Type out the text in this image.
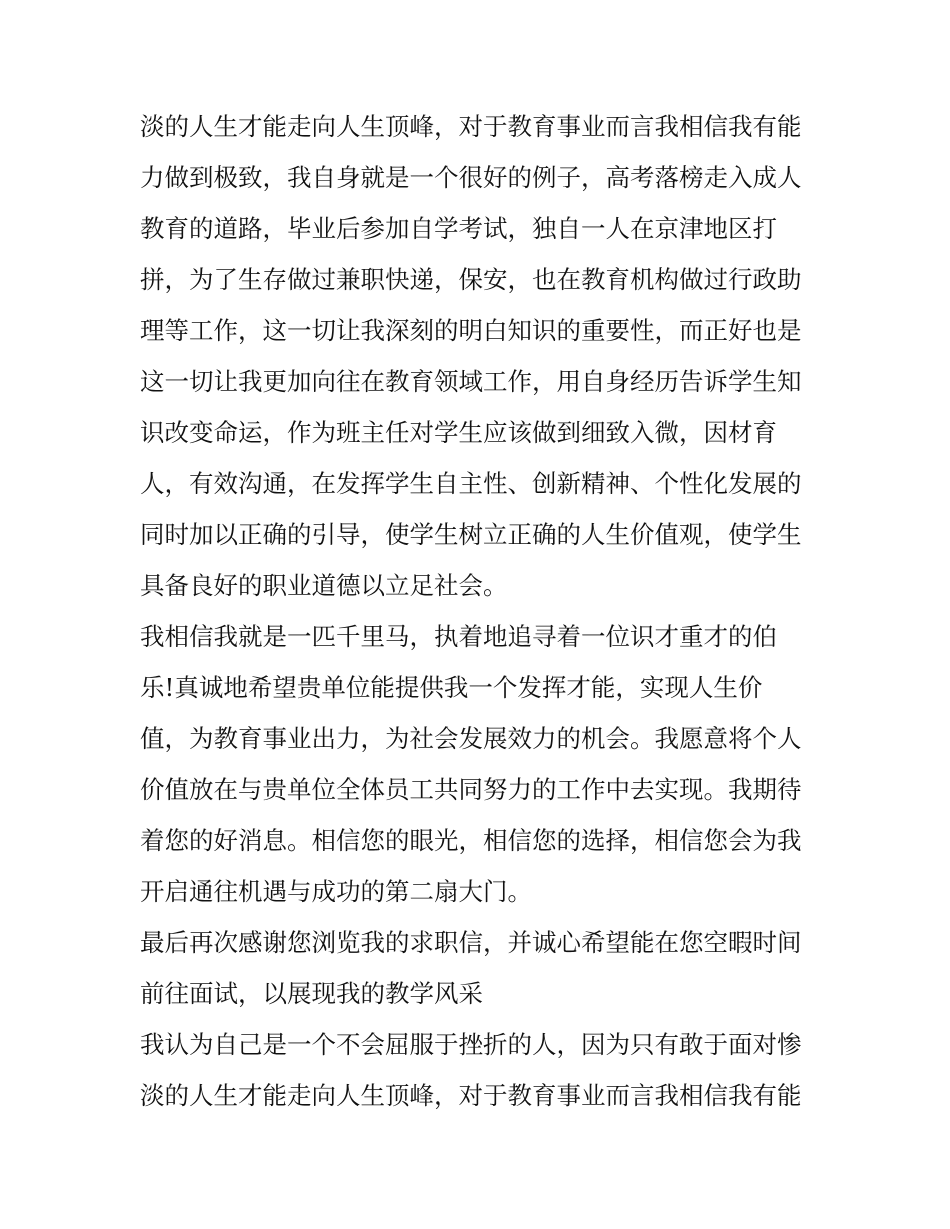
淡的人生才能走向人生顶峰，对于教育事业而言我相信我有能
力做到极致，我自身就是一个很好的例子，高考落榜走入成人
教育的道路，毕业后参加自学考试，独自一人在京津地区打
拼，为了生存做过兼职快递，保安，也在教育机构做过行政助
理等工作，这一切让我深刻的明白知识的重要性，而正好也是
这一切让我更加向往在教育领域工作，用自身经历告诉学生知
识改变命运，作为班主任对学生应该做到细致入微，因材育
人，有效沟通，在发挥学生自主性、创新精神、个性化发展的
同时加以正确的引导，使学生树立正确的人生价值观，使学生
具备良好的职业道德以立足社会。
我相信我就是一匹千里马，执着地追寻着一位识才重才的伯
乐!真诚地希望贵单位能提供我一个发挥才能，实现人生价
值，为教育事业出力，为社会发展效力的机会。我愿意将个人
价值放在与贵单位全体员工共同努力的工作中去实现。我期待
着您的好消息。相信您的眼光，相信您的选择，相信您会为我
开启通往机遇与成功的第二扇大门。
最后再次感谢您浏览我的求职信，并诚心希望能在您空暇时间
前往面试，以展现我的教学风采
我认为自己是一个不会屈服于挫折的人，因为只有敢于面对惨
淡的人生才能走向人生顶峰，对于教育事业而言我相信我有能
